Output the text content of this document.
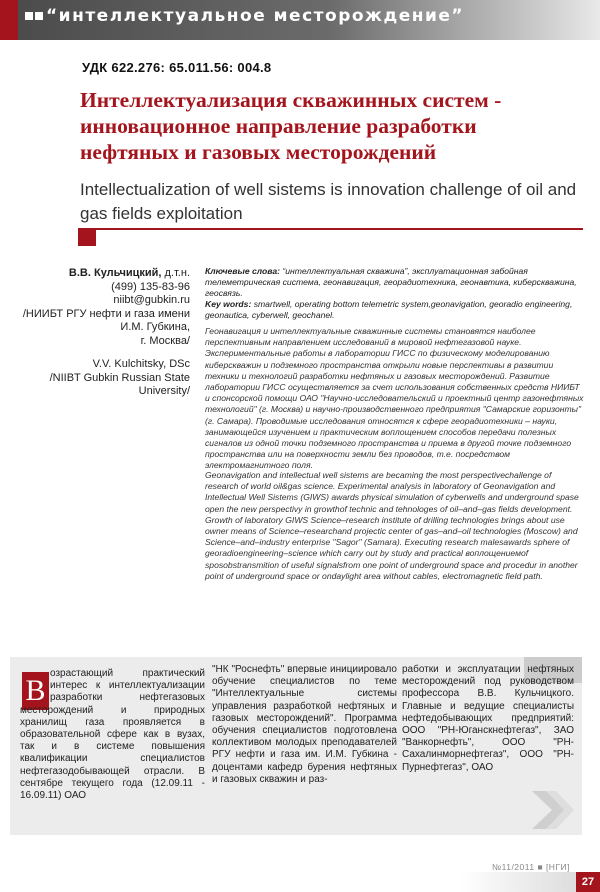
“интеллектуальное месторождение”
УДК 622.276: 65.011.56: 004.8
Интеллектуализация скважинных систем - инновационное направление разработки нефтяных и газовых месторождений

Intellectualization of well sistems is innovation challenge of oil and gas fields exploitation

В.В. Кульчицкий, д.т.н.

(499) 135-83-96

niibt@gubkin.ru

/НИИБТ РГУ нефти и газа имени

И.М. Губкина,

г. Москва/

V.V. Kulchitsky, DSc

/NIIBT Gubkin Russian State

University/

Ключевые слова: “интеллектуальная скважина”, эксплуатационная забойная телеметрическая система, геонавигация, георадиотехника, геонавтика, киберскважина, геосвязь.

Key words: smartwell, operating bottom telemetric system,geonavigation, georadio engineering, geonautica, cyberwell, geochanel.

Геонавигация и интеллектуальные скважинные системы становятся наиболее перспективным направлением исследований в мировой нефтегазовой науке. Экспериментальные работы в лаборатории ГИСС по физическому моделированию киберскважин и подземного пространства открыли новые перспективы в развитии техники и технологий разработки нефтяных и газовых месторождений. Развитие лаборатории ГИСС осуществляется за счет использования собственных средств НИИБТ и спонсорской помощи ОАО "Научно-исследовательский и проектный центр газонефтяных технологий" (г. Москва) и научно-производственного предприятия "Самарские горизонты" (г. Самара). Проводимые исследования относятся к сфере георадиотехники – науки, занимающейся изучением и практическим воплощением способов передачи полезных сигналов из одной точки подземного пространства и приема в другой точке подземного пространства или на поверхности земли без проводов, т.е. посредством электромагнитного поля.

Geonavigation and intellectual well sistems are becaming the most perspectivechallenge of research of world oil&gas science. Experimental analysis in laboratory of Geonavigation and Intellectual Well Sistems (GIWS) awards physical simulation of cyberwells and underground spase open the new perspectivy in growthof technic and tehnologes of oil–and–gas fields development. Growth of laboratory GIWS Science–research institute of drilling technologies brings about use owner means of Science–researchand projectic center of gas–and–oil technologies (Moscow) and Science–and–industry enterprise "Sagor" (Samara). Executing research malesawards sphere of georadioengineering–science which carry out by study and practical воплощениемof sposobstransmition of useful signalsfrom one point of underground space and procedur in another point of underground space or ondaylight area without cables, electromagnetic field path.

В

озрастающий практический интерес к интеллектуализации разработки нефтегазовых месторождений и природных хранилищ газа проявляется в образовательной сфере как в вузах, так и в системе повышения квалификации специалистов нефтегазодобывающей отрасли. В сентябре текущего года (12.09.11 - 16.09.11) ОАО

"НК "Роснефть" впервые инициировало обучение специалистов по теме "Интеллектуальные системы управления разработкой нефтяных и газовых месторождений". Программа обучения специалистов подготовлена коллективом молодых преподавателей РГУ нефти и газа им. И.М. Губкина - доцентами кафедр бурения нефтяных и газовых скважин и раз-

работки и эксплуатации нефтяных месторождений под руководством профессора В.В. Кульчицкого. Главные и ведущие специалисты нефтедобывающих предприятий: ООО "РН-Юганскнефтегаз", ЗАО "Ванкорнефть", ООО "РН-Сахалинморнефтегаз", ООО "РН-Пурнефтегаз", ОАО

№11/2011 ■ [НГИ]
27
